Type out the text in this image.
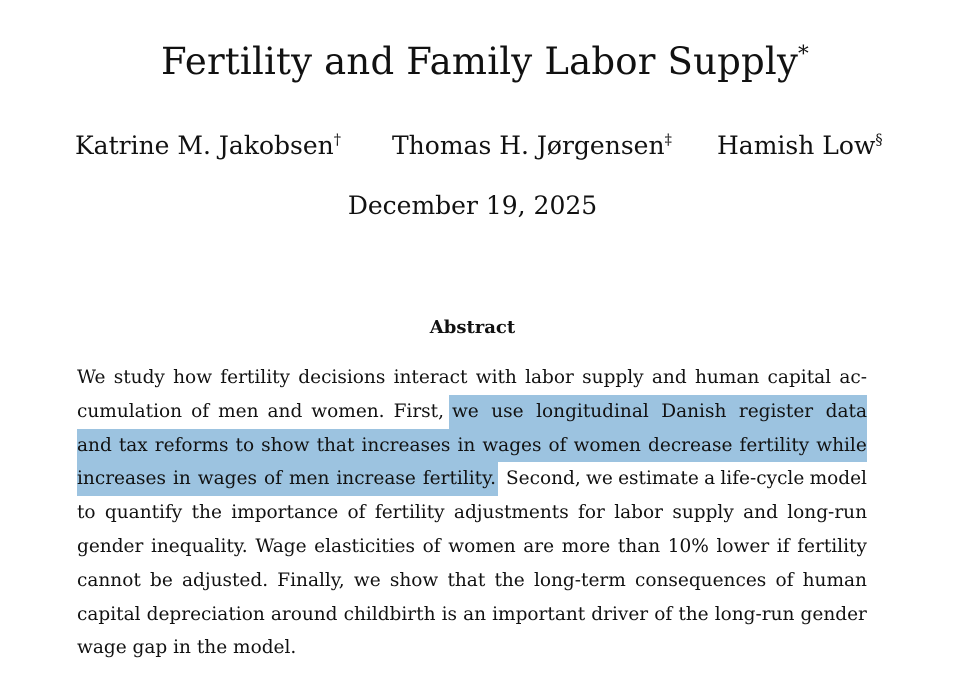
Fertility and Family Labor Supply*
Katrine M. Jakobsen† Thomas H. Jørgensen‡ Hamish Low§
December 19, 2025
Abstract
We study how fertility decisions interact with labor supply and human capital ac-
cumulation of men and women. First, we use longitudinal Danish register data
and tax reforms to show that increases in wages of women decrease fertility while
increases in wages of men increase fertility. Second, we estimate a life-cycle model
to quantify the importance of fertility adjustments for labor supply and long-run
gender inequality. Wage elasticities of women are more than 10% lower if fertility
cannot be adjusted. Finally, we show that the long-term consequences of human
capital depreciation around childbirth is an important driver of the long-run gender
wage gap in the model.
